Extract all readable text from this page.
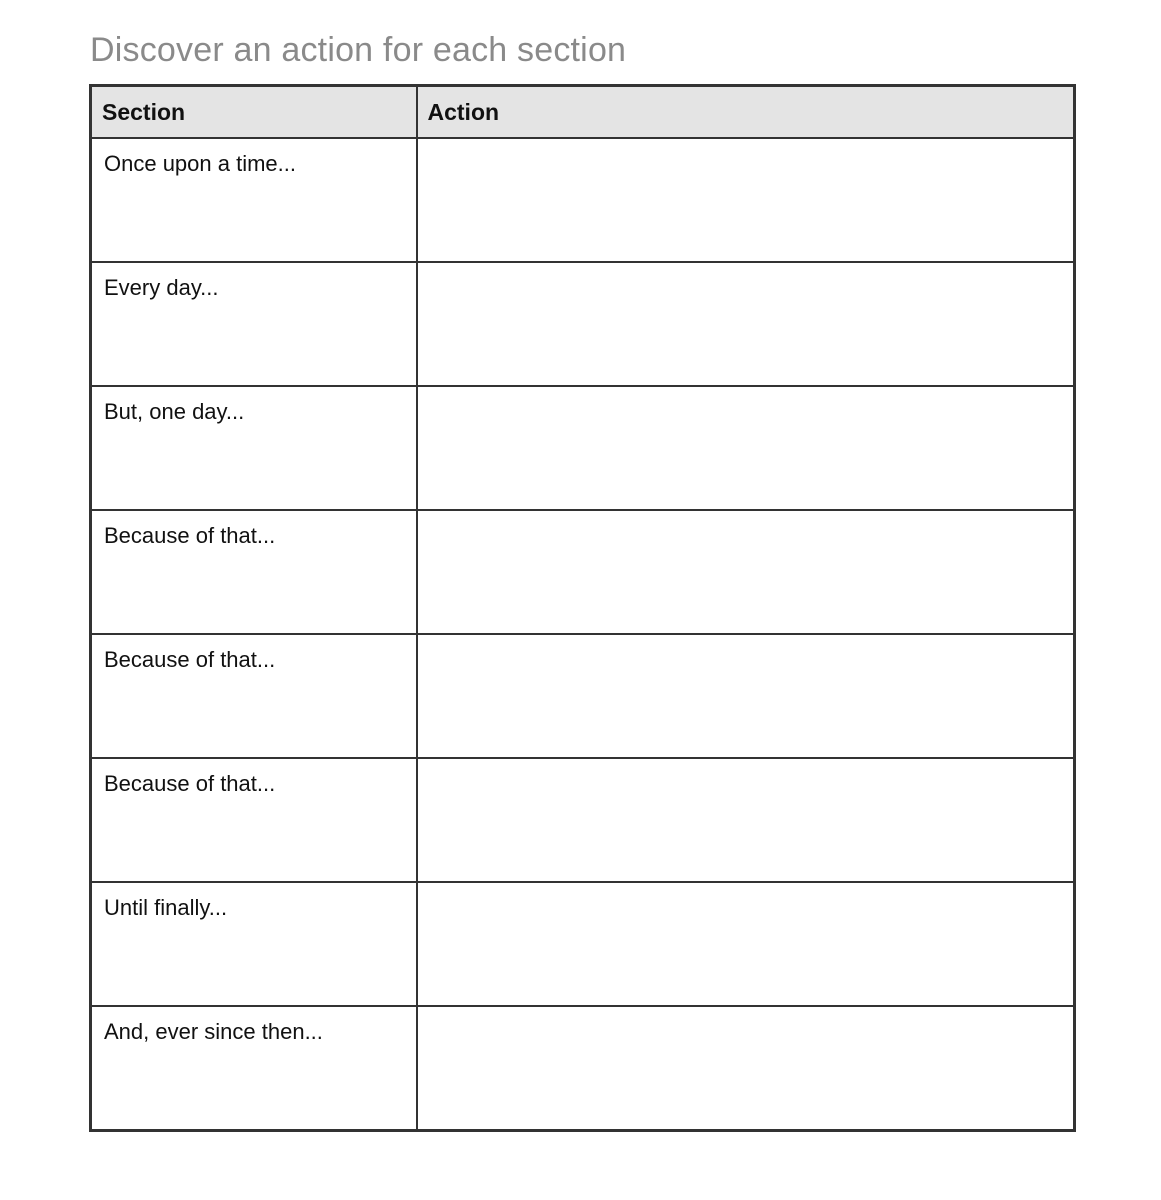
Discover an action for each section
Section	Action
Once upon a time...	
Every day...	
But, one day...	
Because of that...	
Because of that...	
Because of that...	
Until finally...	
And, ever since then...	
